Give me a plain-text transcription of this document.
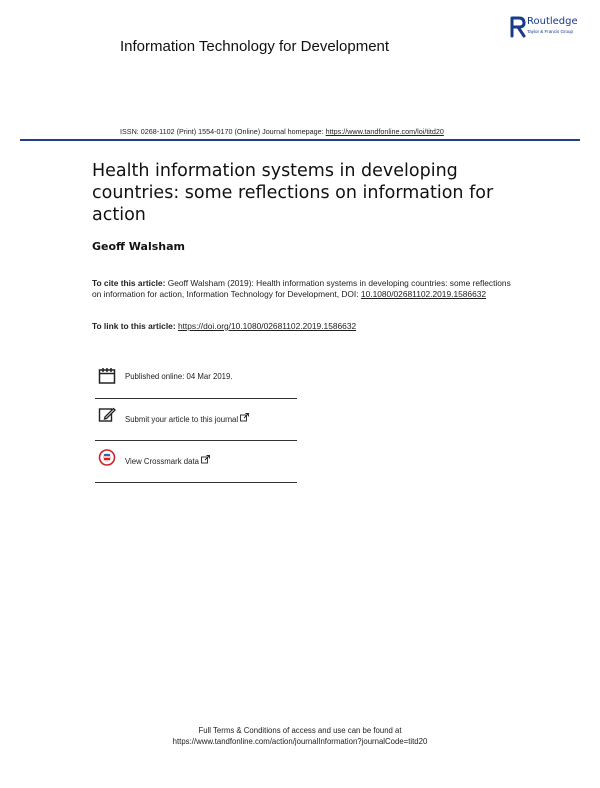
Information Technology for Development
Routledge
Taylor & Francis Group
ISSN: 0268-1102 (Print) 1554-0170 (Online) Journal homepage: https://www.tandfonline.com/loi/titd20
Health information systems in developing countries: some reflections on information for action
Geoff Walsham
To cite this article: Geoff Walsham (2019): Health information systems in developing countries: some reflections on information for action, Information Technology for Development, DOI: 10.1080/02681102.2019.1586632
To link to this article: https://doi.org/10.1080/02681102.2019.1586632
Published online: 04 Mar 2019.
Submit your article to this journal
View Crossmark data
Full Terms & Conditions of access and use can be found at
https://www.tandfonline.com/action/journalInformation?journalCode=titd20
